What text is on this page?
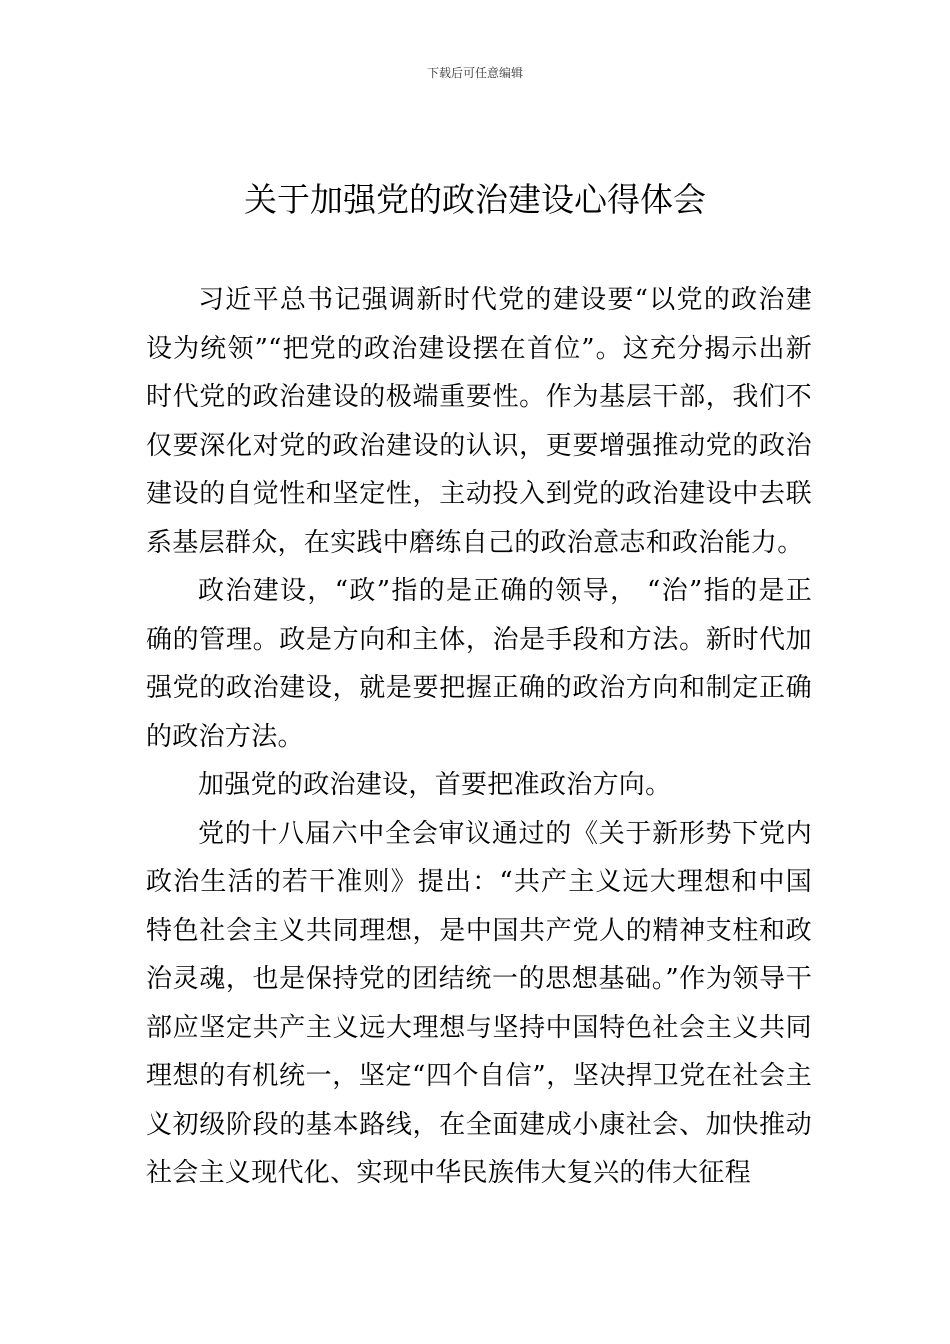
下载后可任意编辑
关于加强党的政治建设心得体会

习近平总书记强调新时代党的建设要“以党的政治建设为统领”“把党的政治建设摆在首位”。这充分揭示出新时代党的政治建设的极端重要性。作为基层干部，我们不仅要深化对党的政治建设的认识，更要增强推动党的政治建设的自觉性和坚定性，主动投入到党的政治建设中去联系基层群众，在实践中磨练自己的政治意志和政治能力。

政治建设，“政”指的是正确的领导， “治”指的是正确的管理。政是方向和主体，治是手段和方法。新时代加强党的政治建设，就是要把握正确的政治方向和制定正确的政治方法。

加强党的政治建设，首要把准政治方向。

党的十八届六中全会审议通过的《关于新形势下党内政治生活的若干准则》提出：“共产主义远大理想和中国特色社会主义共同理想，是中国共产党人的精神支柱和政治灵魂，也是保持党的团结统一的思想基础。”作为领导干部应坚定共产主义远大理想与坚持中国特色社会主义共同理想的有机统一，坚定“四个自信”，坚决捍卫党在社会主义初级阶段的基本路线，在全面建成小康社会、加快推动社会主义现代化、实现中华民族伟大复兴的伟大征程
